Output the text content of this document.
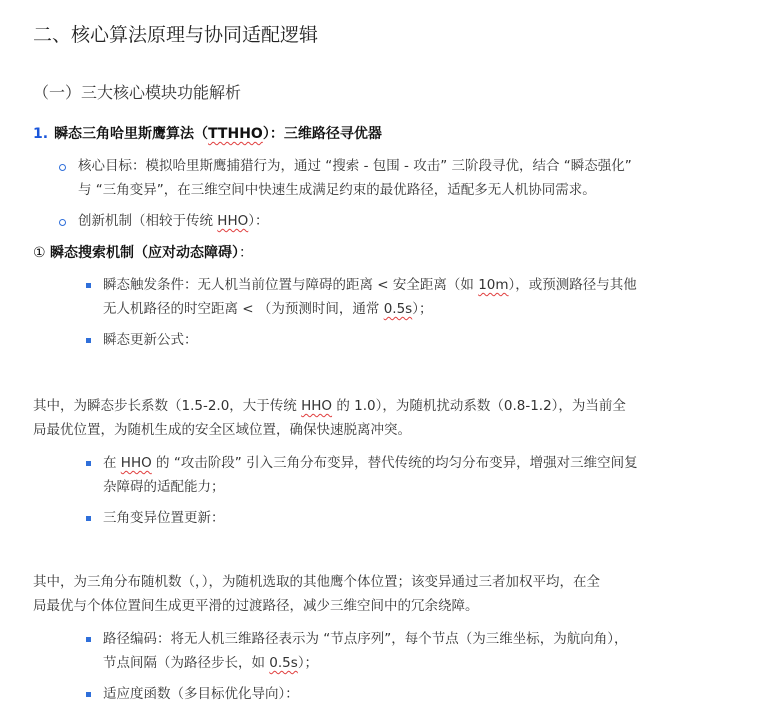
二、核心算法原理与协同适配逻辑
（一）三大核心模块功能解析
1. 瞬态三角哈里斯鹰算法（TTHHO）：三维路径寻优器
核心目标：模拟哈里斯鹰捕猎行为，通过 “搜索 - 包围 - 攻击” 三阶段寻优，结合 “瞬态强化”
与 “三角变异”，在三维空间中快速生成满足约束的最优路径，适配多无人机协同需求。
创新机制（相较于传统 HHO）：
① 瞬态搜索机制（应对动态障碍）：
瞬态触发条件：无人机当前位置与障碍的距离 < 安全距离（如 10m），或预测路径与其他
无人机路径的时空距离 < （为预测时间，通常 0.5s）；
瞬态更新公式：
其中，为瞬态步长系数（1.5-2.0，大于传统 HHO 的 1.0），为随机扰动系数（0.8-1.2），为当前全
局最优位置，为随机生成的安全区域位置，确保快速脱离冲突。
在 HHO 的 “攻击阶段” 引入三角分布变异，替代传统的均匀分布变异，增强对三维空间复
杂障碍的适配能力；
三角变异位置更新：
其中，为三角分布随机数（，），为随机选取的其他鹰个体位置；该变异通过三者加权平均，在全
局最优与个体位置间生成更平滑的过渡路径，减少三维空间中的冗余绕障。
路径编码：将无人机三维路径表示为 “节点序列”，每个节点（为三维坐标，为航向角），
节点间隔（为路径步长，如 0.5s）；
适应度函数（多目标优化导向）：
